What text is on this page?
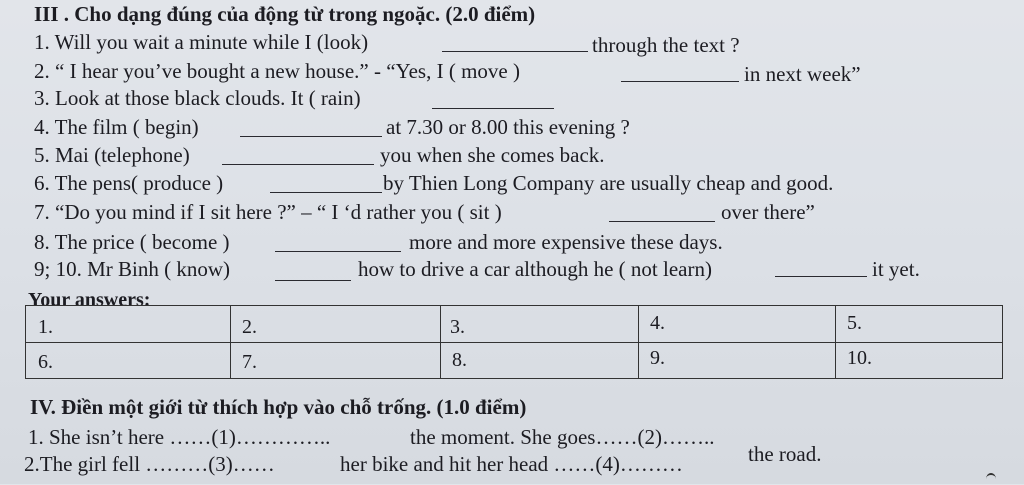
III . Cho dạng đúng của động từ trong ngoặc. (2.0 điểm)
1. Will you wait a minute while I (look)	through the text ?
2. “ I hear you’ve bought a new house.” - “Yes, I ( move )	in next week”
3. Look at those black clouds. It ( rain)
4. The film ( begin)	at 7.30 or 8.00 this evening ?
5. Mai (telephone)	you when she comes back.
6. The pens( produce )	by Thien Long Company are usually cheap and good.
7. “Do you mind if I sit here ?” – “ I ‘d rather you ( sit )	over there”
8. The price ( become )	more and more expensive these days.
9; 10. Mr Binh ( know)	how to drive a car although he ( not learn)	it yet.
Your answers:
1.	2.	3.	4.	5.
6.	7.	8.	9.	10.
IV. Điền một giới từ thích hợp vào chỗ trống. (1.0 điểm)
1. She isn’t here ……(1)…………..	the moment. She goes……(2)……..
2.The girl fell ………(3)……	her bike and hit her head ……(4)………	the road.
